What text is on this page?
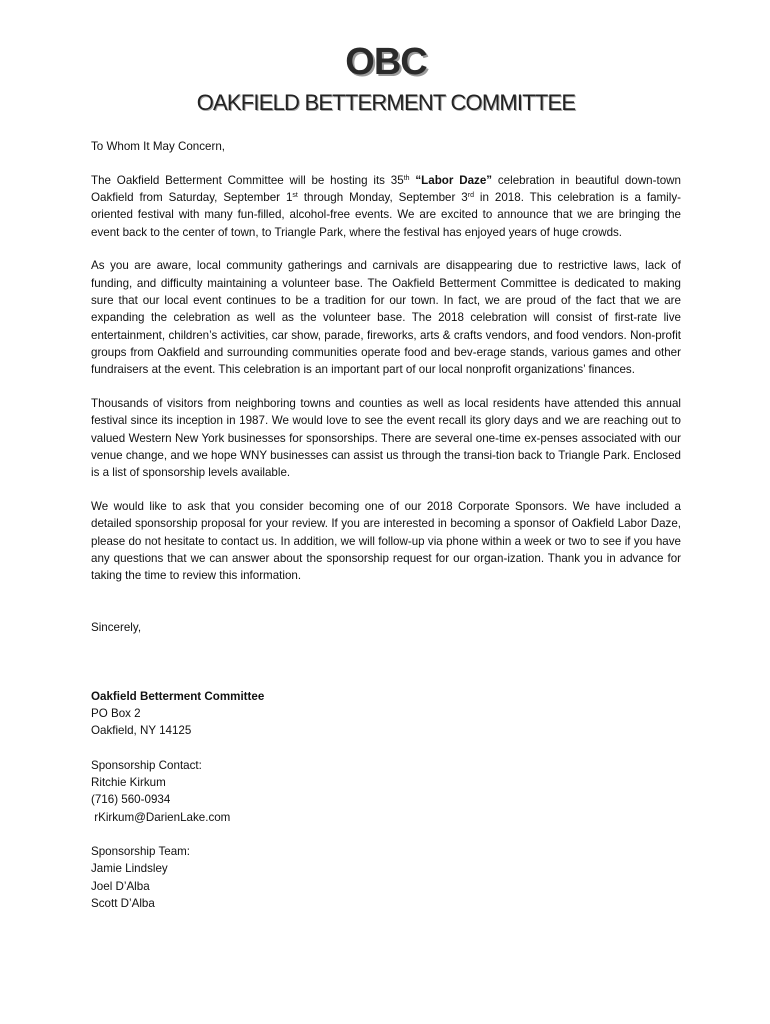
OBC
OAKFIELD BETTERMENT COMMITTEE

To Whom It May Concern,

The Oakfield Betterment Committee will be hosting its 35th “Labor Daze” celebration in beautiful down-town Oakfield from Saturday, September 1st through Monday, September 3rd in 2018. This celebration is a family-oriented festival with many fun-filled, alcohol-free events. We are excited to announce that we are bringing the event back to the center of town, to Triangle Park, where the festival has enjoyed years of huge crowds.

As you are aware, local community gatherings and carnivals are disappearing due to restrictive laws, lack of funding, and difficulty maintaining a volunteer base. The Oakfield Betterment Committee is dedicated to making sure that our local event continues to be a tradition for our town. In fact, we are proud of the fact that we are expanding the celebration as well as the volunteer base. The 2018 celebration will consist of first-rate live entertainment, children’s activities, car show, parade, fireworks, arts & crafts vendors, and food vendors. Non-profit groups from Oakfield and surrounding communities operate food and bev-erage stands, various games and other fundraisers at the event. This celebration is an important part of our local nonprofit organizations’ finances.

Thousands of visitors from neighboring towns and counties as well as local residents have attended this annual festival since its inception in 1987. We would love to see the event recall its glory days and we are reaching out to valued Western New York businesses for sponsorships. There are several one-time ex-penses associated with our venue change, and we hope WNY businesses can assist us through the transi-tion back to Triangle Park. Enclosed is a list of sponsorship levels available.

We would like to ask that you consider becoming one of our 2018 Corporate Sponsors. We have included a detailed sponsorship proposal for your review. If you are interested in becoming a sponsor of Oakfield Labor Daze, please do not hesitate to contact us. In addition, we will follow-up via phone within a week or two to see if you have any questions that we can answer about the sponsorship request for our organ-ization. Thank you in advance for taking the time to review this information.

Sincerely,

Oakfield Betterment Committee
PO Box 2
Oakfield, NY 14125
Sponsorship Contact:
Ritchie Kirkum
(716) 560-0934
rKirkum@DarienLake.com
Sponsorship Team:
Jamie Lindsley
Joel D’Alba
Scott D’Alba
